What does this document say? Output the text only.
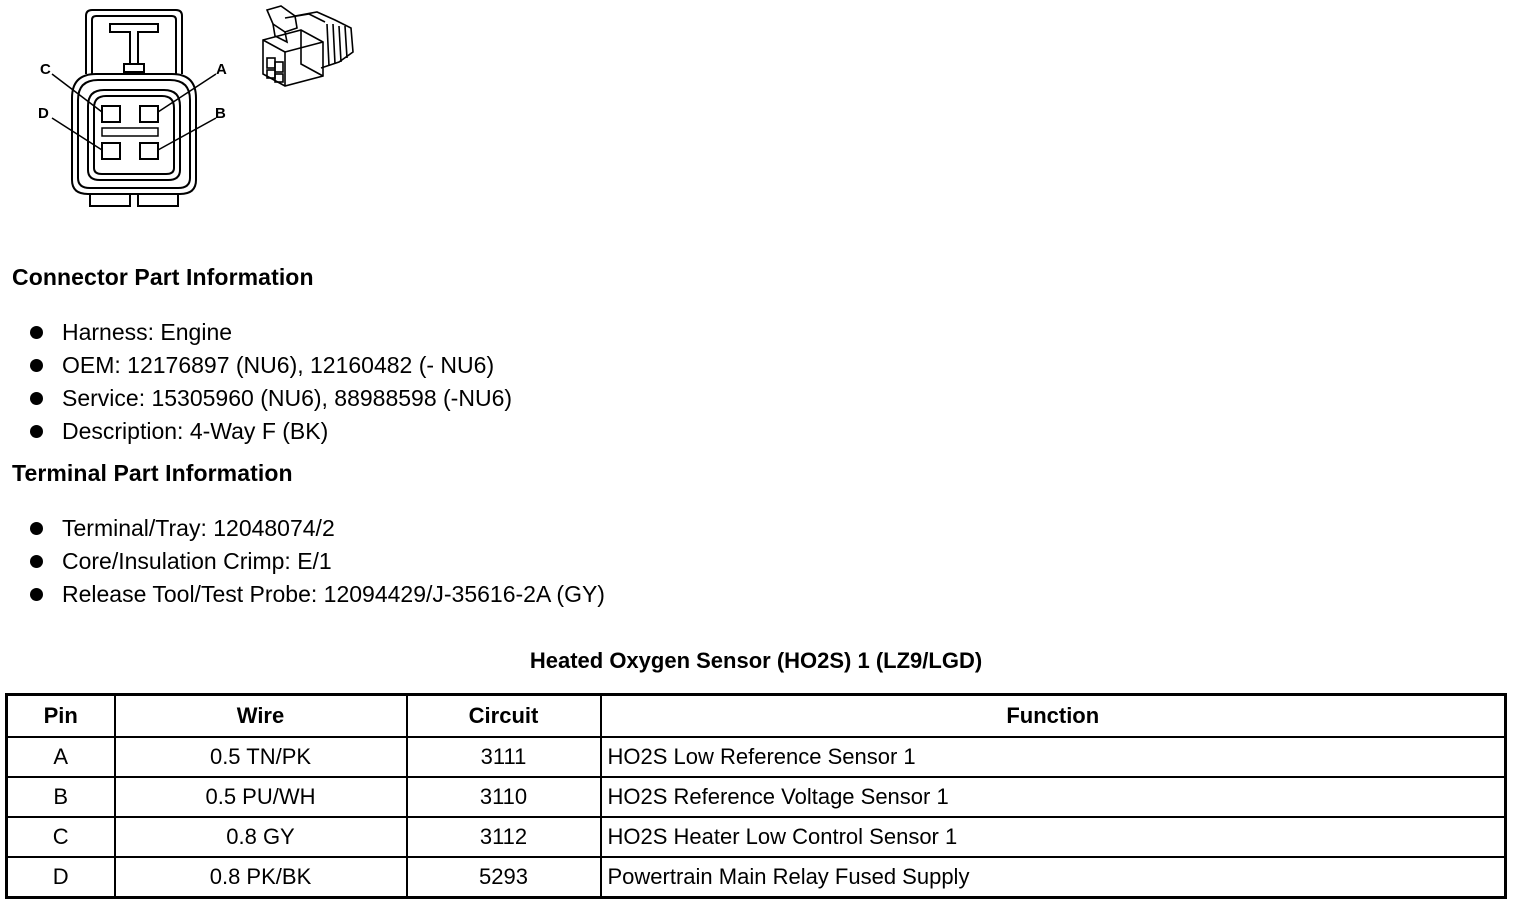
C	A
D	B
Connector Part Information
Harness: Engine
OEM: 12176897 (NU6), 12160482 (- NU6)
Service: 15305960 (NU6), 88988598 (-NU6)
Description: 4-Way F (BK)
Terminal Part Information
Terminal/Tray: 12048074/2
Core/Insulation Crimp: E/1
Release Tool/Test Probe: 12094429/J-35616-2A (GY)
Heated Oxygen Sensor (HO2S) 1 (LZ9/LGD)
Pin	Wire	Circuit	Function
A	0.5 TN/PK	3111	HO2S Low Reference Sensor 1
B	0.5 PU/WH	3110	HO2S Reference Voltage Sensor 1
C	0.8 GY	3112	HO2S Heater Low Control Sensor 1
D	0.8 PK/BK	5293	Powertrain Main Relay Fused Supply
